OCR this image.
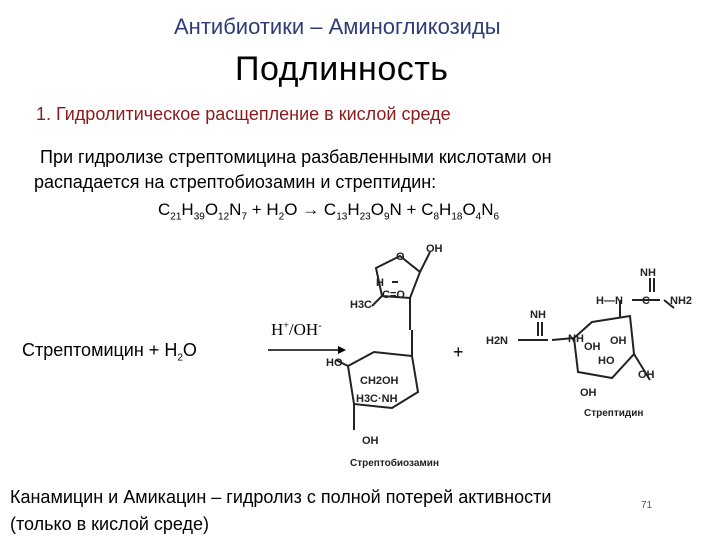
Антибиотики – Аминогликозиды
Подлинность
1. Гидролитическое расщепление в кислой среде
При гидролизе стрептомицина разбавленными кислотами он
распадается на стрептобиозамин и стрептидин:
$C_{21}H_{39}O_{12}N_7 + H_2O \to C_{13}H_{23}O_9N + C_8H_{18}O_4N_6$
Стрептомицин + $H_2O$
H+/OH-
+
O
OH
H
C=O
H3C
HO
CH2OH
H3C·NH
OH
Стрептобиозамин
NH
H—N C NH2
NH
H2N	NH
OH OH
HO
OH
OH
Стрептидин
Канамицин и Амикацин – гидролиз с полной потерей активности
(только в кислой среде)
71
